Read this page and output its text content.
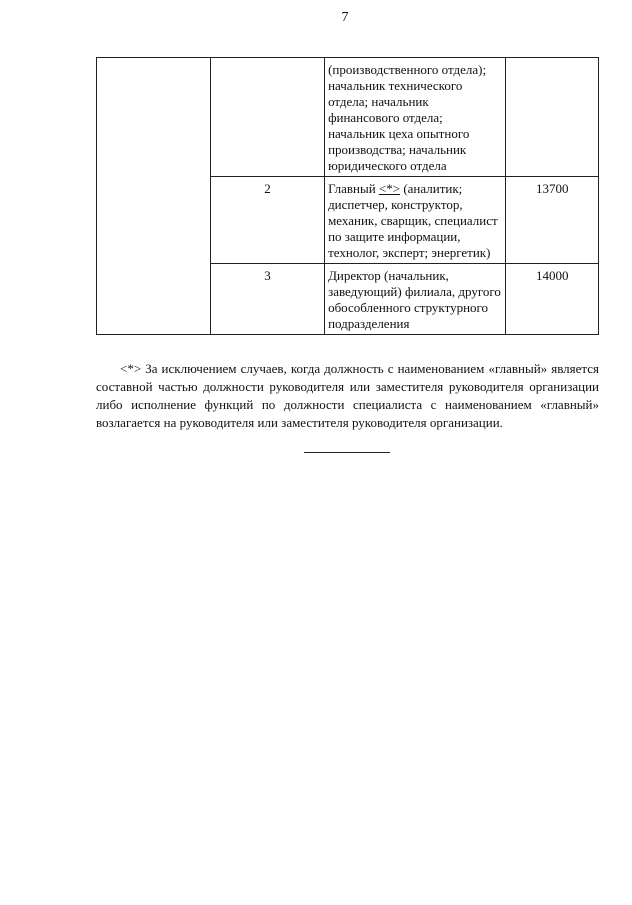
7
		(производственного отдела); начальник технического отдела; начальник финансового отдела; начальник цеха опытного производства; начальник юридического отдела	
	2	Главный <*> (аналитик; диспетчер, конструктор, механик, сварщик, специалист по защите информации, технолог, эксперт; энергетик)	13700
	3	Директор (начальник, заведующий) филиала, другого обособленного структурного подразделения	14000

<*> За исключением случаев, когда должность с наименованием «главный» является составной частью должности руководителя или заместителя руководителя организации либо исполнение функций по должности специалиста с наименованием «главный» возлагается на руководителя или заместителя руководителя организации.
